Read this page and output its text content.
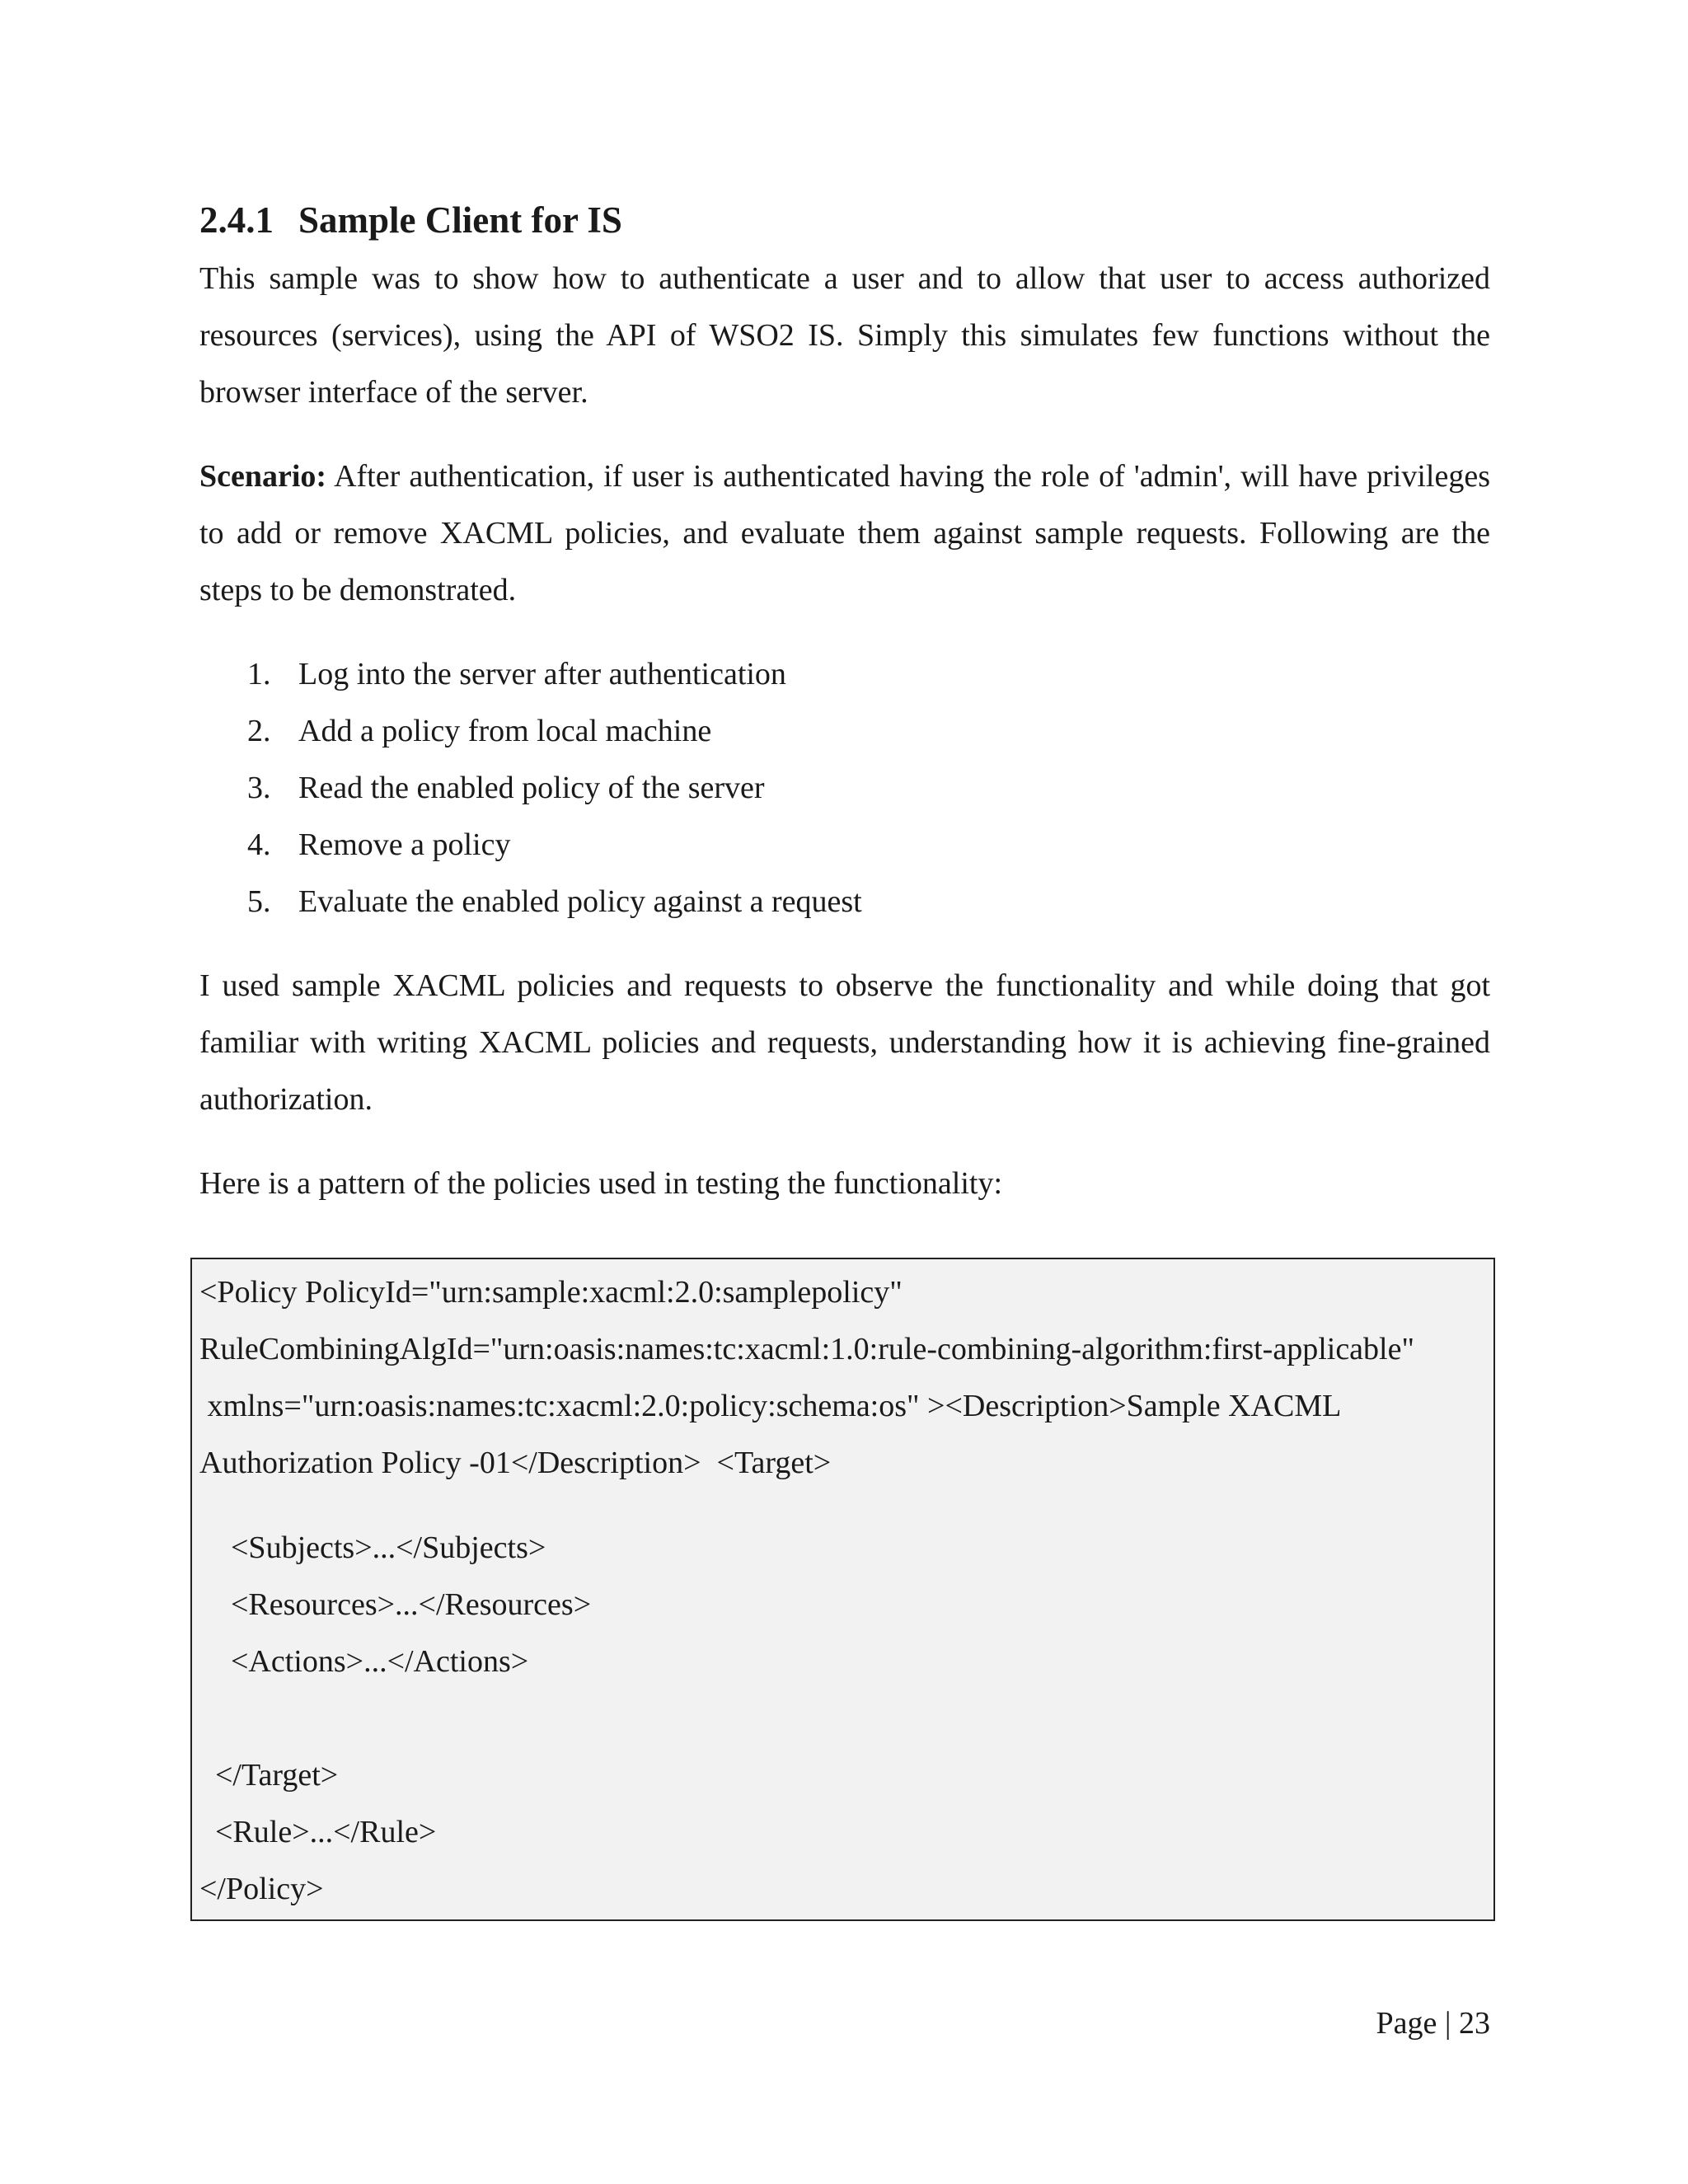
2.4.1 Sample Client for IS

This sample was to show how to authenticate a user and to allow that user to access authorized resources (services), using the API of WSO2 IS. Simply this simulates few functions without the browser interface of the server.

Scenario: After authentication, if user is authenticated having the role of 'admin', will have privileges to add or remove XACML policies, and evaluate them against sample requests. Following are the steps to be demonstrated.

1. Log into the server after authentication
2. Add a policy from local machine
3. Read the enabled policy of the server
4. Remove a policy
5. Evaluate the enabled policy against a request

I used sample XACML policies and requests to observe the functionality and while doing that got familiar with writing XACML policies and requests, understanding how it is achieving fine-grained authorization.

Here is a pattern of the policies used in testing the functionality:

<Policy PolicyId="urn:sample:xacml:2.0:samplepolicy"
RuleCombiningAlgId="urn:oasis:names:tc:xacml:1.0:rule-combining-algorithm:first-applicable"
xmlns="urn:oasis:names:tc:xacml:2.0:policy:schema:os" ><Description>Sample XACML
Authorization Policy -01</Description>  <Target>
<Subjects>...</Subjects>
<Resources>...</Resources>
<Actions>...</Actions>
</Target>
<Rule>...</Rule>
</Policy>
Page | 23
